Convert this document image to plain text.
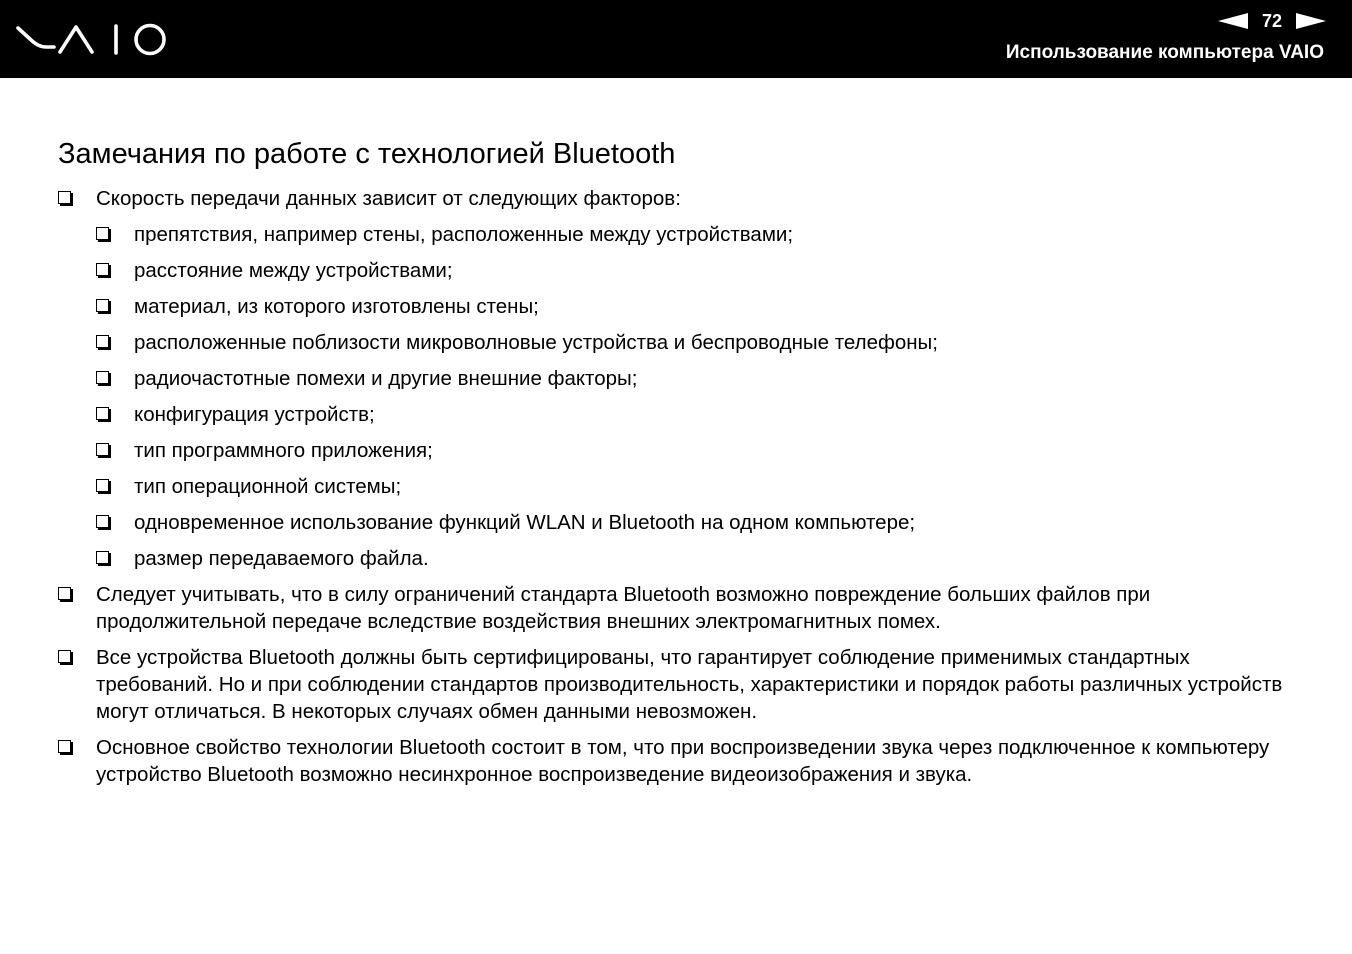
72
Использование компьютера VAIO
Замечания по работе с технологией Bluetooth
Скорость передачи данных зависит от следующих факторов:
препятствия, например стены, расположенные между устройствами;
расстояние между устройствами;
материал, из которого изготовлены стены;
расположенные поблизости микроволновые устройства и беспроводные телефоны;
радиочастотные помехи и другие внешние факторы;
конфигурация устройств;
тип программного приложения;
тип операционной системы;
одновременное использование функций WLAN и Bluetooth на одном компьютере;
размер передаваемого файла.
Следует учитывать, что в силу ограничений стандарта Bluetooth возможно повреждение больших файлов при продолжительной передаче вследствие воздействия внешних электромагнитных помех.
Все устройства Bluetooth должны быть сертифицированы, что гарантирует соблюдение применимых стандартных требований. Но и при соблюдении стандартов производительность, характеристики и порядок работы различных устройств могут отличаться. В некоторых случаях обмен данными невозможен.
Основное свойство технологии Bluetooth состоит в том, что при воспроизведении звука через подключенное к компьютеру устройство Bluetooth возможно несинхронное воспроизведение видеоизображения и звука.
